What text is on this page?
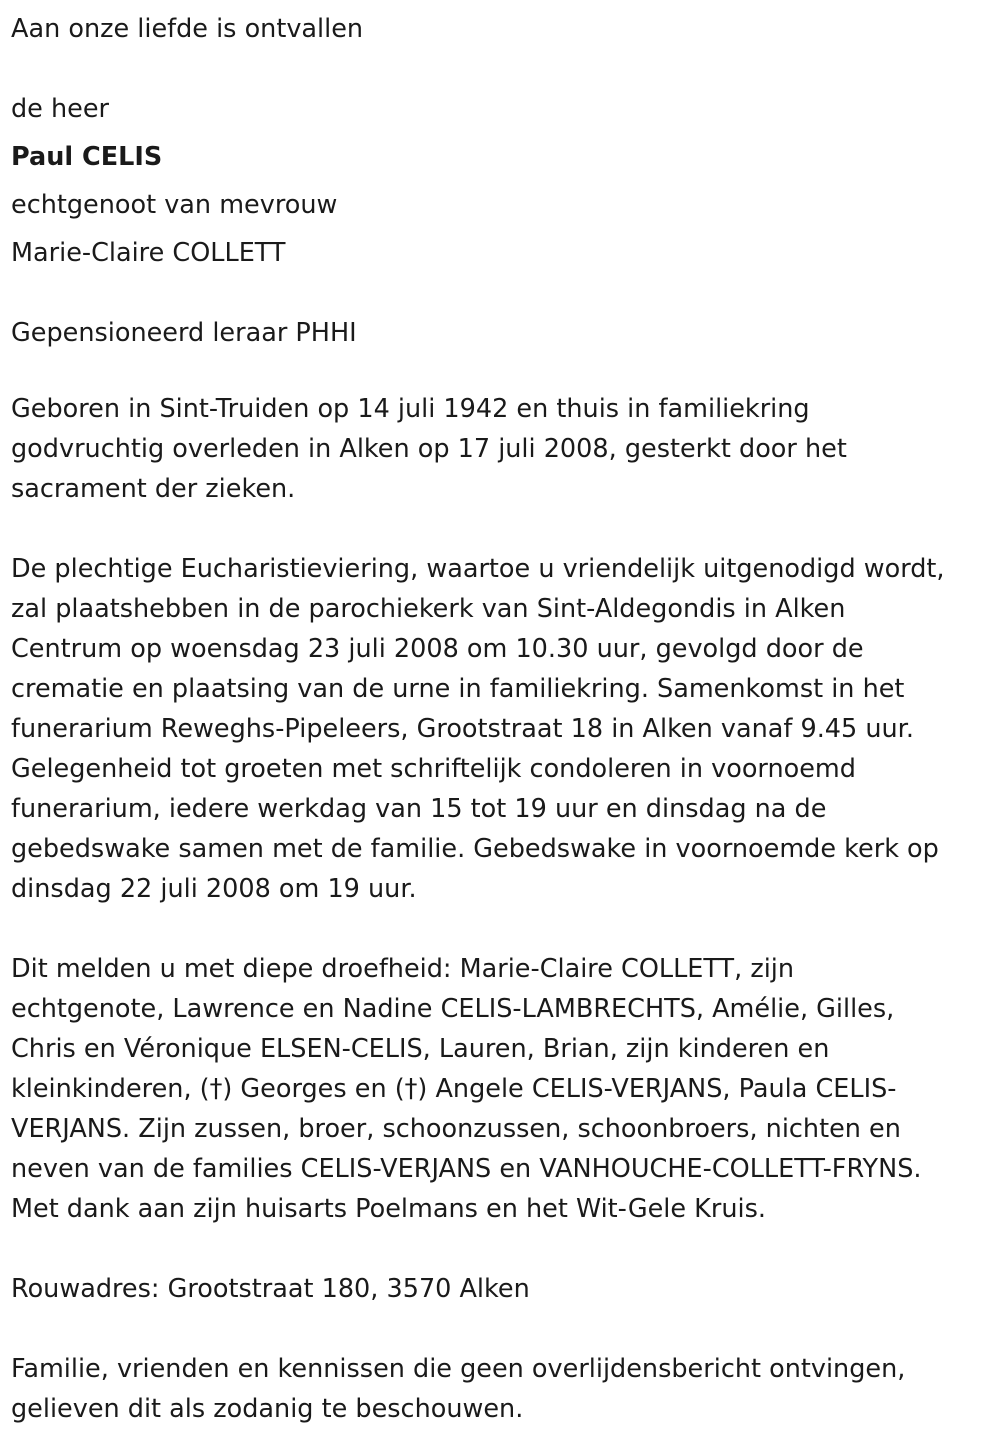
Aan onze liefde is ontvallen

de heer

Paul CELIS

echtgenoot van mevrouw

Marie-Claire COLLETT

Gepensioneerd leraar PHHI

Geboren in Sint-Truiden op 14 juli 1942 en thuis in familiekring

godvruchtig overleden in Alken op 17 juli 2008, gesterkt door het

sacrament der zieken.

De plechtige Eucharistieviering, waartoe u vriendelijk uitgenodigd wordt,

zal plaatshebben in de parochiekerk van Sint-Aldegondis in Alken

Centrum op woensdag 23 juli 2008 om 10.30 uur, gevolgd door de

crematie en plaatsing van de urne in familiekring. Samenkomst in het

funerarium Reweghs-Pipeleers, Grootstraat 18 in Alken vanaf 9.45 uur.

Gelegenheid tot groeten met schriftelijk condoleren in voornoemd

funerarium, iedere werkdag van 15 tot 19 uur en dinsdag na de

gebedswake samen met de familie. Gebedswake in voornoemde kerk op

dinsdag 22 juli 2008 om 19 uur.

Dit melden u met diepe droefheid: Marie-Claire COLLETT, zijn

echtgenote, Lawrence en Nadine CELIS-LAMBRECHTS, Amélie, Gilles,

Chris en Véronique ELSEN-CELIS, Lauren, Brian, zijn kinderen en

kleinkinderen, (†) Georges en (†) Angele CELIS-VERJANS, Paula CELIS-

VERJANS. Zijn zussen, broer, schoonzussen, schoonbroers, nichten en

neven van de families CELIS-VERJANS en VANHOUCHE-COLLETT-FRYNS.

Met dank aan zijn huisarts Poelmans en het Wit-Gele Kruis.

Rouwadres: Grootstraat 180, 3570 Alken

Familie, vrienden en kennissen die geen overlijdensbericht ontvingen,

gelieven dit als zodanig te beschouwen.
